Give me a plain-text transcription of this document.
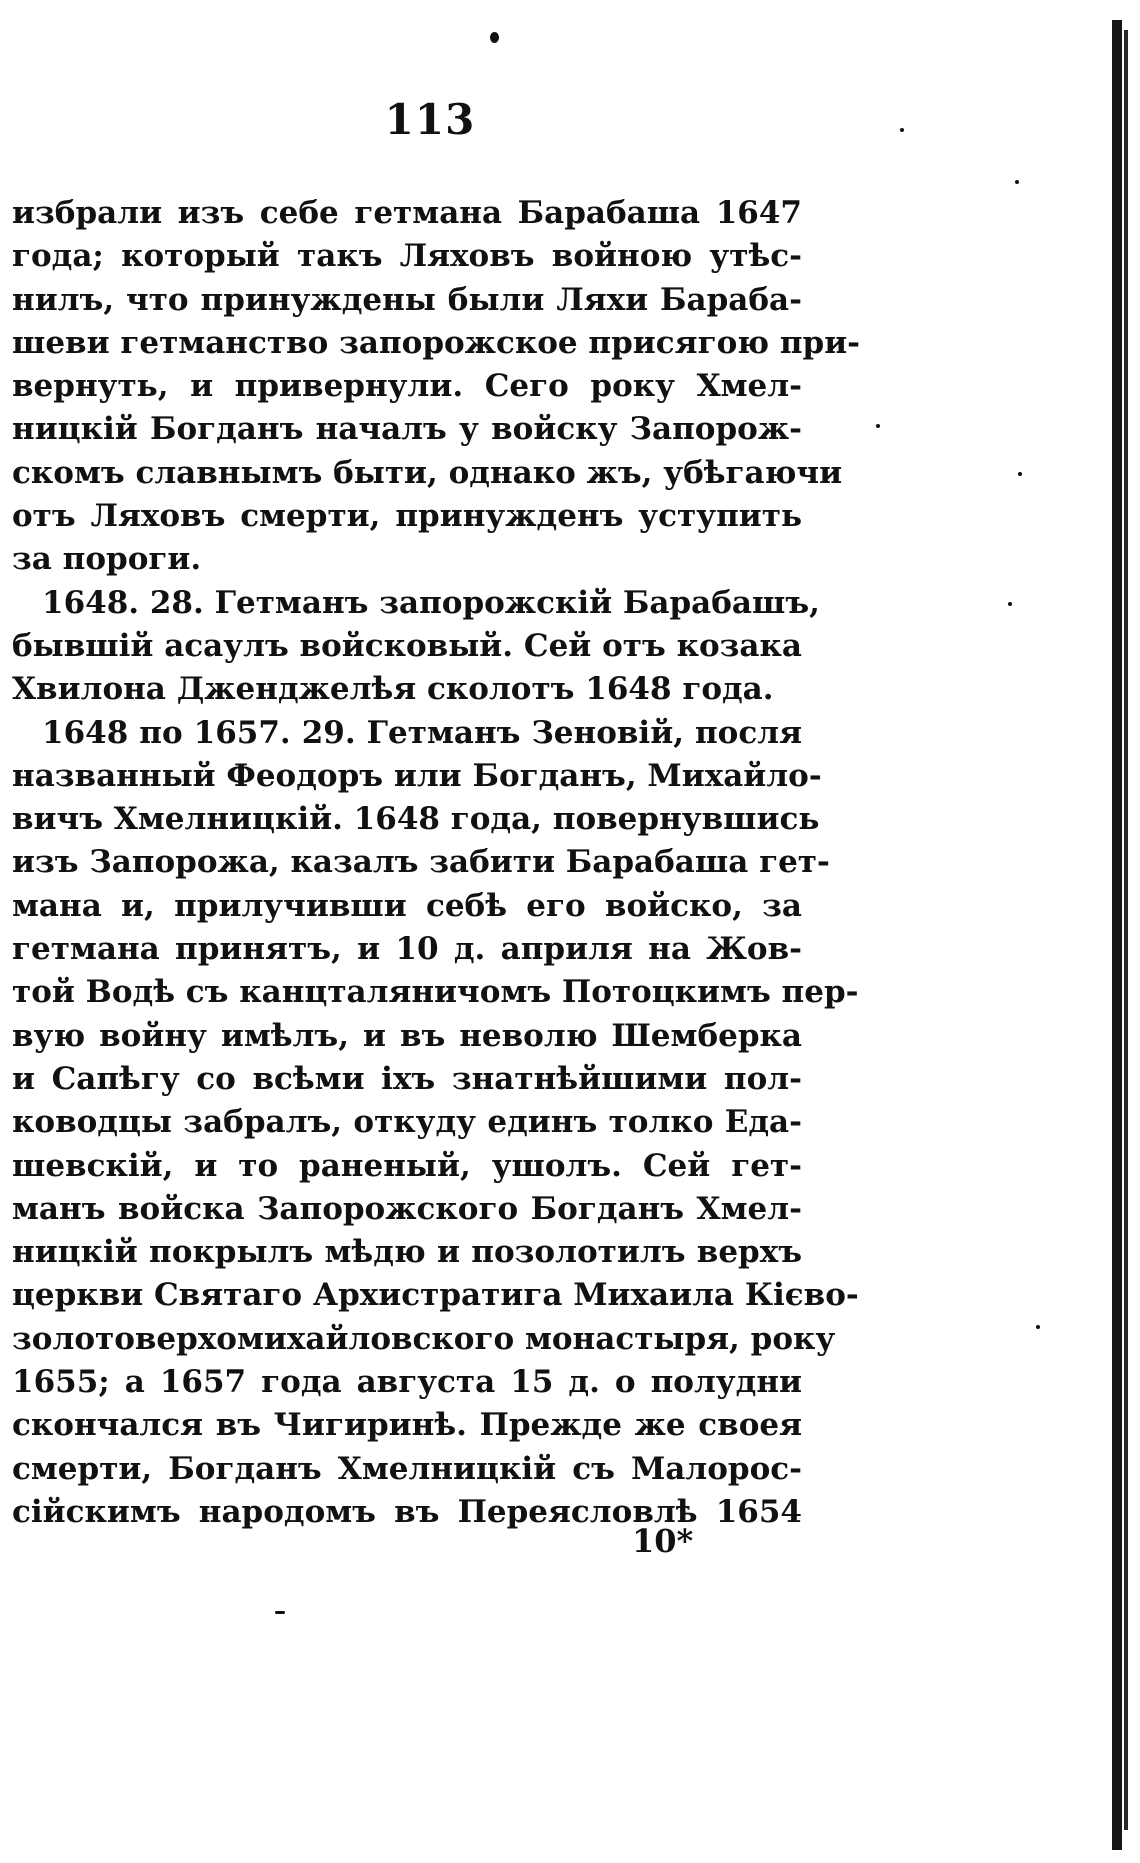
113
избрали изъ себе гетмана Барабаша 1647
года; который такъ Ляховъ войною утѣс-
нилъ, что принуждены были Ляхи Бараба-
шеви гетманство запорожское присягою при-
вернуть, и привернули. Сего року Хмел-
ницкій Богданъ началъ у войску Запорож-
скомъ славнымъ быти, однако жъ, убѣгаючи
отъ Ляховъ смерти, принужденъ уступить
за пороги.
1648. 28. Гетманъ запорожскій Барабашъ,
бывшій асаулъ войсковый. Сей отъ козака
Хвилона Дженджелѣя сколотъ 1648 года.
1648 по 1657. 29. Гетманъ Зеновій, посля
названный Феодоръ или Богданъ, Михайло-
вичъ Хмелницкій. 1648 года, повернувшись
изъ Запорожа, казалъ забити Барабаша гет-
мана и, прилучивши себѣ его войско, за
гетмана принятъ, и 10 д. априля на Жов-
той Водѣ съ канцталяничомъ Потоцкимъ пер-
вую войну имѣлъ, и въ неволю Шемберка
и Сапѣгу со всѣми іхъ знатнѣйшими пол-
ководцы забралъ, откуду единъ толко Еда-
шевскій, и то раненый, ушолъ. Сей гет-
манъ войска Запорожского Богданъ Хмел-
ницкій покрылъ мѣдю и позолотилъ верхъ
церкви Святаго Архистратига Михаила Кієво-
золотоверхомихайловского монастыря, року
1655; а 1657 года августа 15 д. о полудни
скончался въ Чигиринѣ. Прежде же своея
смерти, Богданъ Хмелницкій съ Малорос-
сійскимъ народомъ въ Переясловлѣ 1654
10*
